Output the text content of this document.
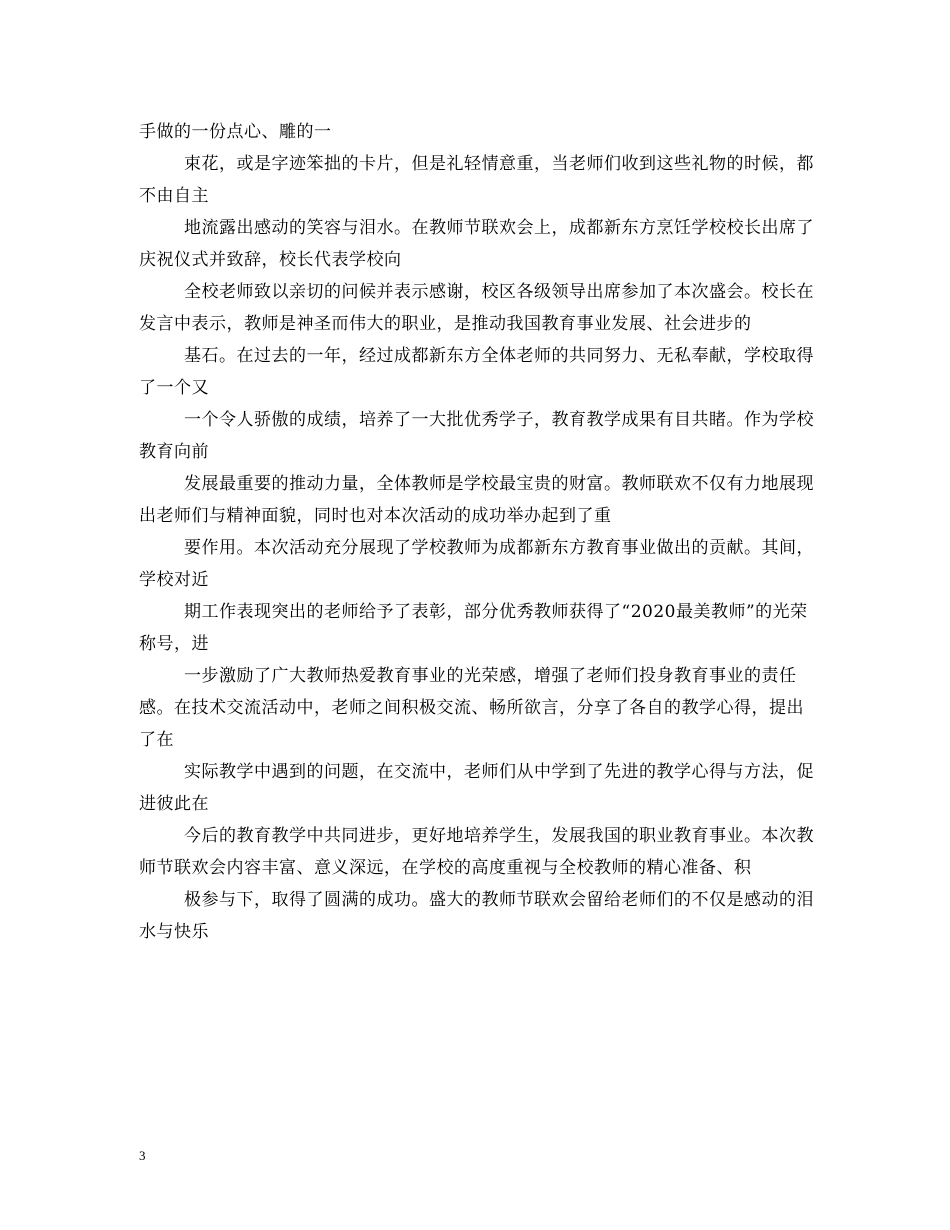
手做的一份点心、雕的一

束花，或是字迹笨拙的卡片，但是礼轻情意重，当老师们收到这些礼物的时候，都不由自主

地流露出感动的笑容与泪水。在教师节联欢会上，成都新东方烹饪学校校长出席了庆祝仪式并致辞，校长代表学校向

全校老师致以亲切的问候并表示感谢，校区各级领导出席参加了本次盛会。校长在发言中表示，教师是神圣而伟大的职业，是推动我国教育事业发展、社会进步的

基石。在过去的一年，经过成都新东方全体老师的共同努力、无私奉献，学校取得了一个又

一个令人骄傲的成绩，培养了一大批优秀学子，教育教学成果有目共睹。作为学校教育向前

发展最重要的推动力量，全体教师是学校最宝贵的财富。教师联欢不仅有力地展现出老师们与精神面貌，同时也对本次活动的成功举办起到了重

要作用。本次活动充分展现了学校教师为成都新东方教育事业做出的贡献。其间，学校对近

期工作表现突出的老师给予了表彰，部分优秀教师获得了“2020最美教师”的光荣称号，进

一步激励了广大教师热爱教育事业的光荣感，增强了老师们投身教育事业的责任感。在技术交流活动中，老师之间积极交流、畅所欲言，分享了各自的教学心得，提出了在

实际教学中遇到的问题，在交流中，老师们从中学到了先进的教学心得与方法，促进彼此在

今后的教育教学中共同进步，更好地培养学生，发展我国的职业教育事业。本次教师节联欢会内容丰富、意义深远，在学校的高度重视与全校教师的精心准备、积

极参与下，取得了圆满的成功。盛大的教师节联欢会留给老师们的不仅是感动的泪水与快乐

3
